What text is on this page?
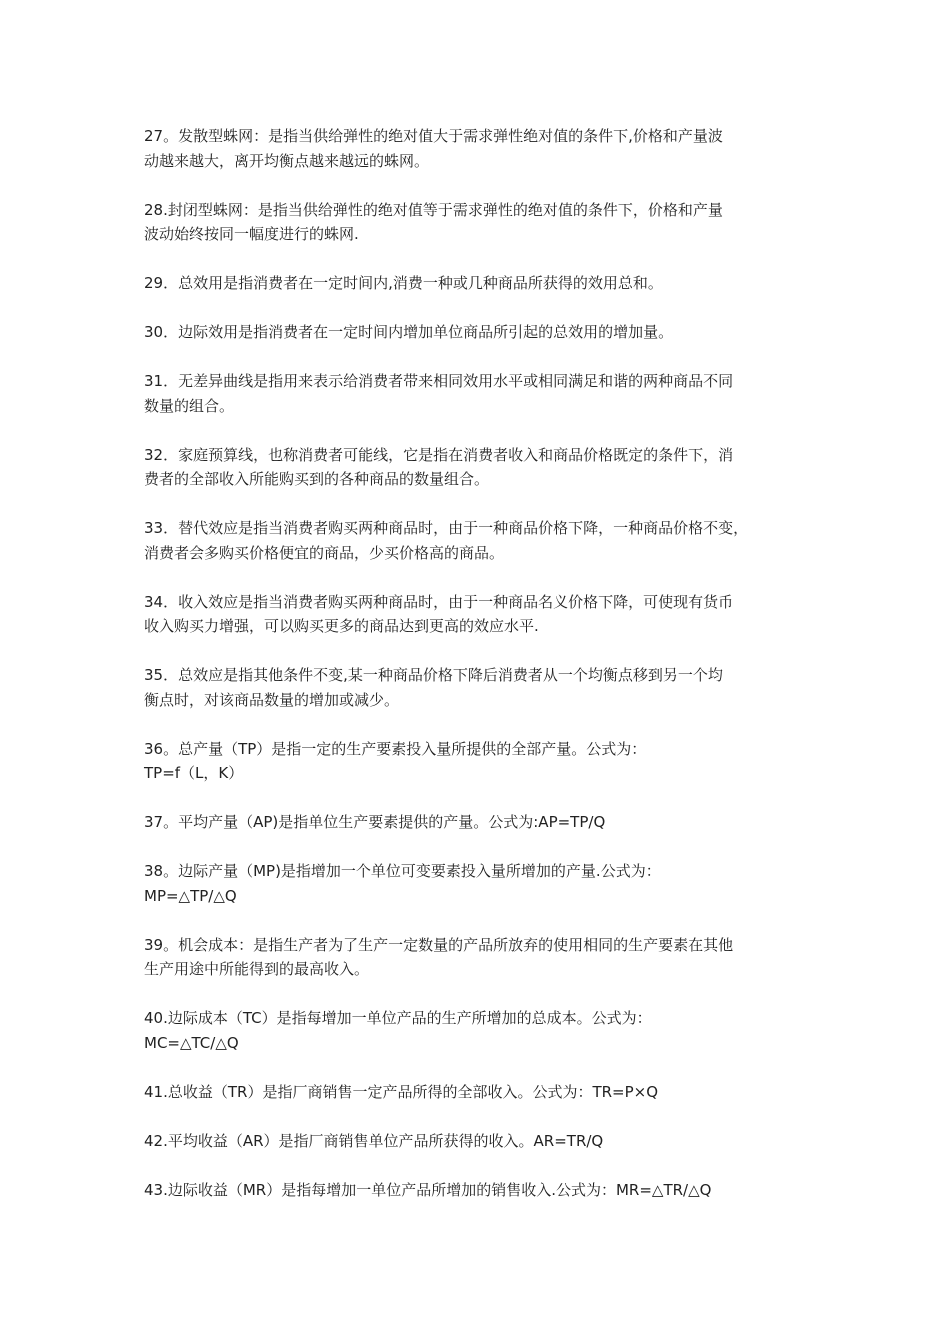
27。发散型蛛网：是指当供给弹性的绝对值大于需求弹性绝对值的条件下,价格和产量波
动越来越大，离开均衡点越来越远的蛛网。

28.封闭型蛛网：是指当供给弹性的绝对值等于需求弹性的绝对值的条件下，价格和产量
波动始终按同一幅度进行的蛛网.

29．总效用是指消费者在一定时间内,消费一种或几种商品所获得的效用总和。

30．边际效用是指消费者在一定时间内增加单位商品所引起的总效用的增加量。

31．无差异曲线是指用来表示给消费者带来相同效用水平或相同满足和谐的两种商品不同
数量的组合。

32．家庭预算线，也称消费者可能线，它是指在消费者收入和商品价格既定的条件下，消
费者的全部收入所能购买到的各种商品的数量组合。

33．替代效应是指当消费者购买两种商品时，由于一种商品价格下降，一种商品价格不变，
消费者会多购买价格便宜的商品，少买价格高的商品。

34．收入效应是指当消费者购买两种商品时，由于一种商品名义价格下降，可使现有货币
收入购买力增强，可以购买更多的商品达到更高的效应水平.

35．总效应是指其他条件不变,某一种商品价格下降后消费者从一个均衡点移到另一个均
衡点时，对该商品数量的增加或减少。

36。总产量（TP）是指一定的生产要素投入量所提供的全部产量。公式为：
TP=f（L，K）

37。平均产量（AP)是指单位生产要素提供的产量。公式为:AP=TP/Q

38。边际产量（MP)是指增加一个单位可变要素投入量所增加的产量.公式为：
MP=△TP/△Q

39。机会成本：是指生产者为了生产一定数量的产品所放弃的使用相同的生产要素在其他
生产用途中所能得到的最高收入。

40.边际成本（TC）是指每增加一单位产品的生产所增加的总成本。公式为：
MC=△TC/△Q

41.总收益（TR）是指厂商销售一定产品所得的全部收入。公式为：TR=P×Q

42.平均收益（AR）是指厂商销售单位产品所获得的收入。AR=TR/Q

43.边际收益（MR）是指每增加一单位产品所增加的销售收入.公式为：MR=△TR/△Q
